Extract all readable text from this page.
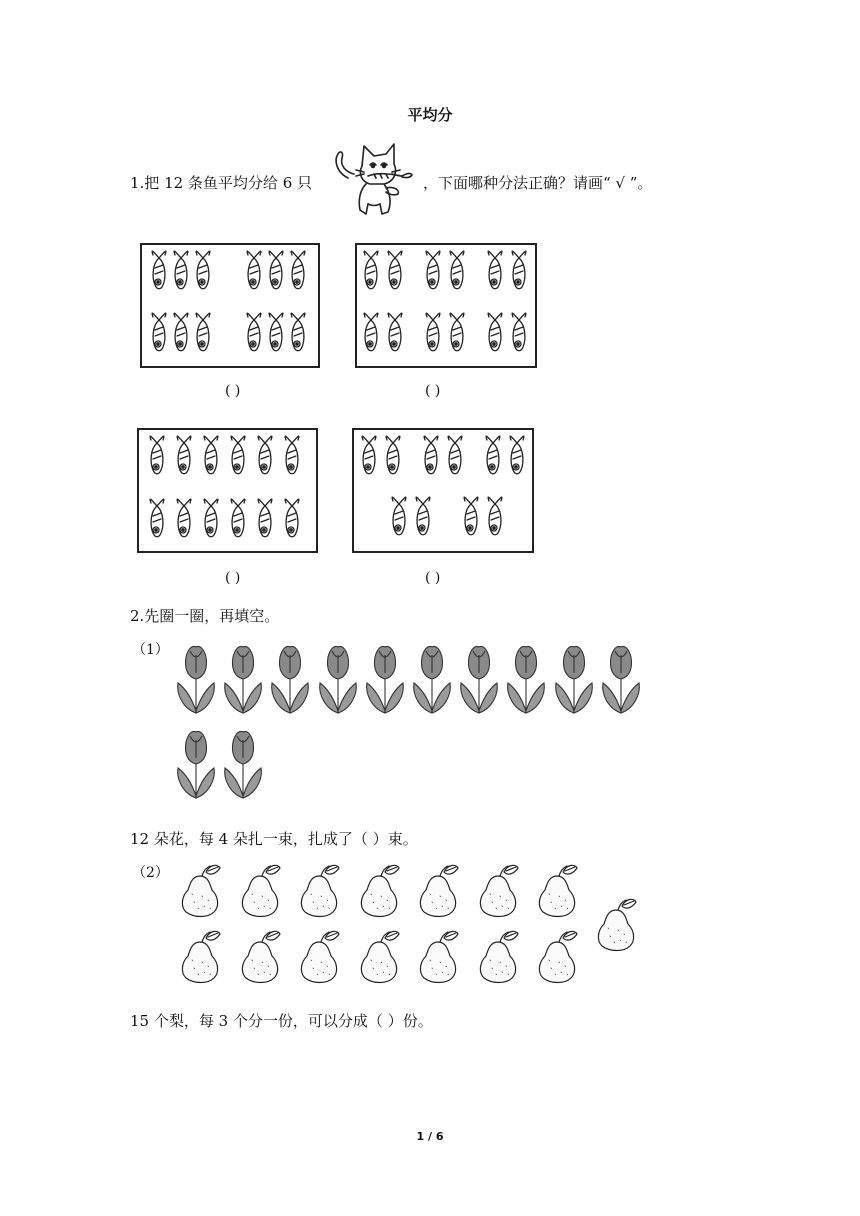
平均分
1.把 12 条鱼平均分给 6 只	，下面哪种分法正确？请画“ √ ”。
( )	( )
( )	( )
2.先圈一圈，再填空。
（1）
12 朵花，每 4 朵扎一束，扎成了（ ）束。
（2）
15 个梨，每 3 个分一份，可以分成（ ）份。
1 / 6
